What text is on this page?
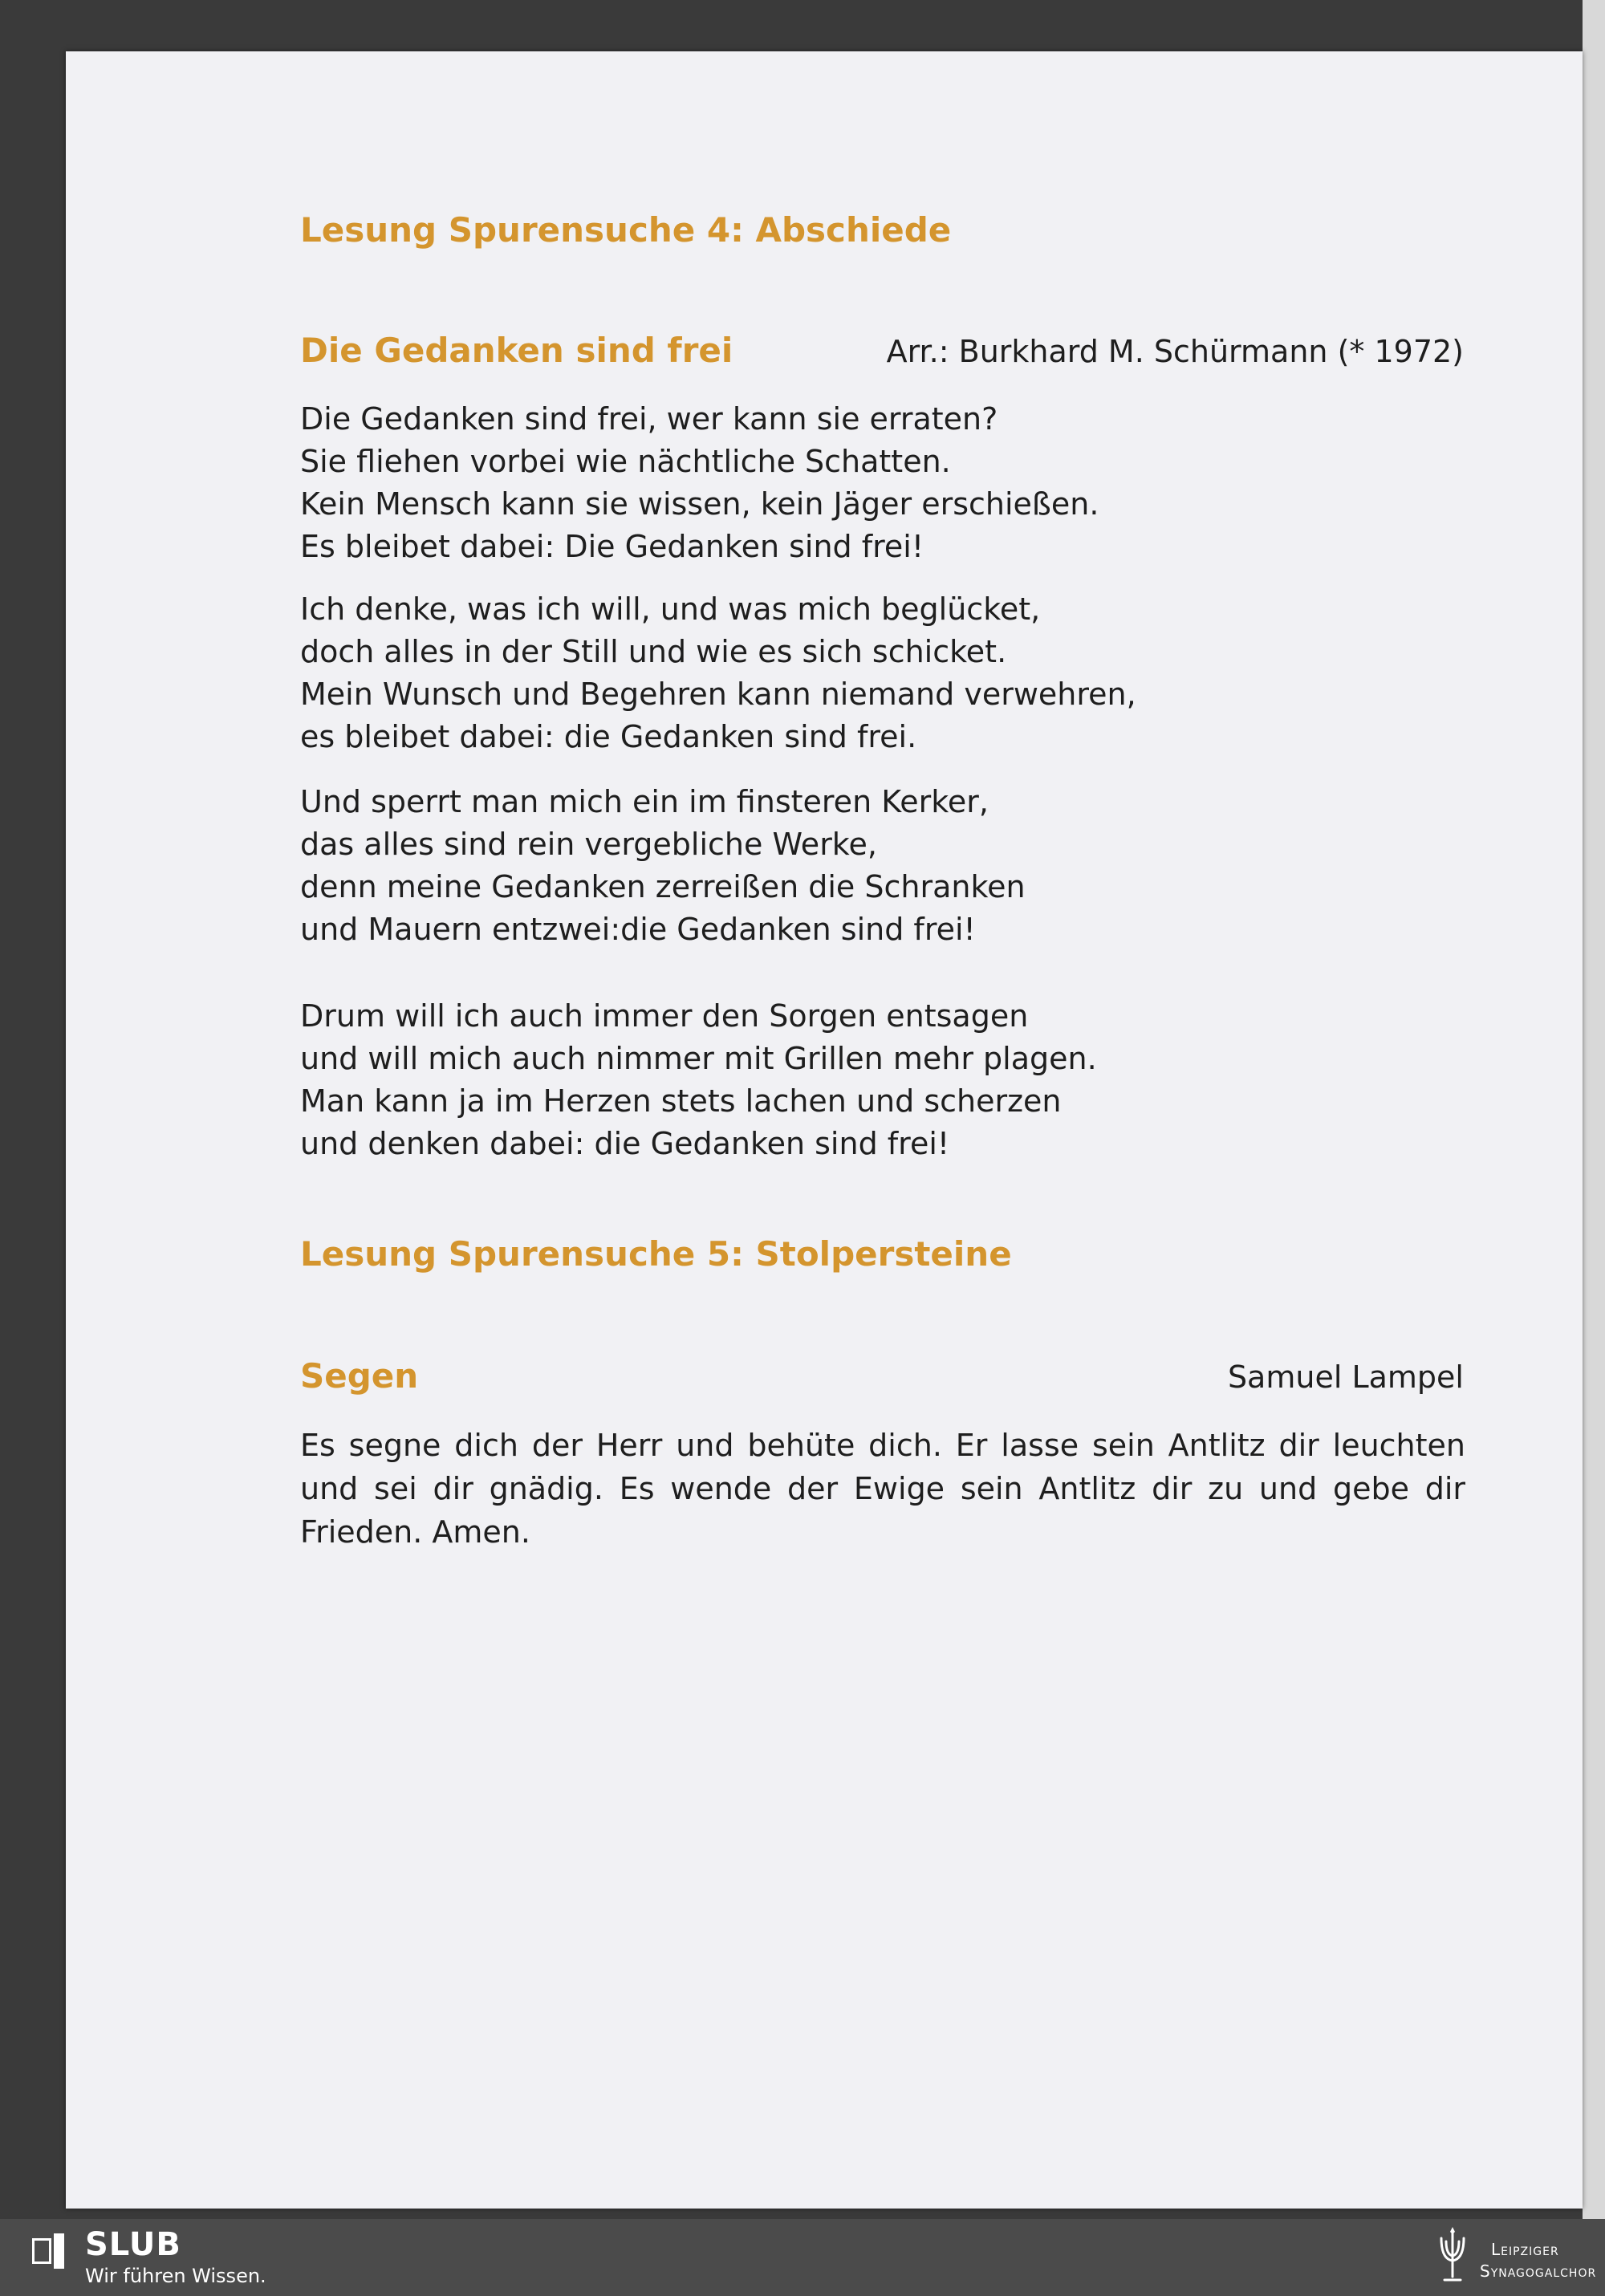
Lesung Spurensuche 4: Abschiede
Die Gedanken sind frei	Arr.: Burkhard M. Schürmann (* 1972)
Die Gedanken sind frei, wer kann sie erraten?
Sie fliehen vorbei wie nächtliche Schatten.
Kein Mensch kann sie wissen, kein Jäger erschießen.
Es bleibet dabei: Die Gedanken sind frei!
Ich denke, was ich will, und was mich beglücket,
doch alles in der Still und wie es sich schicket.
Mein Wunsch und Begehren kann niemand verwehren,
es bleibet dabei: die Gedanken sind frei.
Und sperrt man mich ein im finsteren Kerker,
das alles sind rein vergebliche Werke,
denn meine Gedanken zerreißen die Schranken
und Mauern entzwei:die Gedanken sind frei!
Drum will ich auch immer den Sorgen entsagen
und will mich auch nimmer mit Grillen mehr plagen.
Man kann ja im Herzen stets lachen und scherzen
und denken dabei: die Gedanken sind frei!
Lesung Spurensuche 5: Stolpersteine
Segen	Samuel Lampel
Es segne dich der Herr und behüte dich. Er lasse sein Antlitz dir leuchten und sei dir gnädig. Es wende der Ewige sein Antlitz dir zu und gebe dir Frieden. Amen.
SLUB
Wir führen Wissen.
Leipziger
Synagogalchor
